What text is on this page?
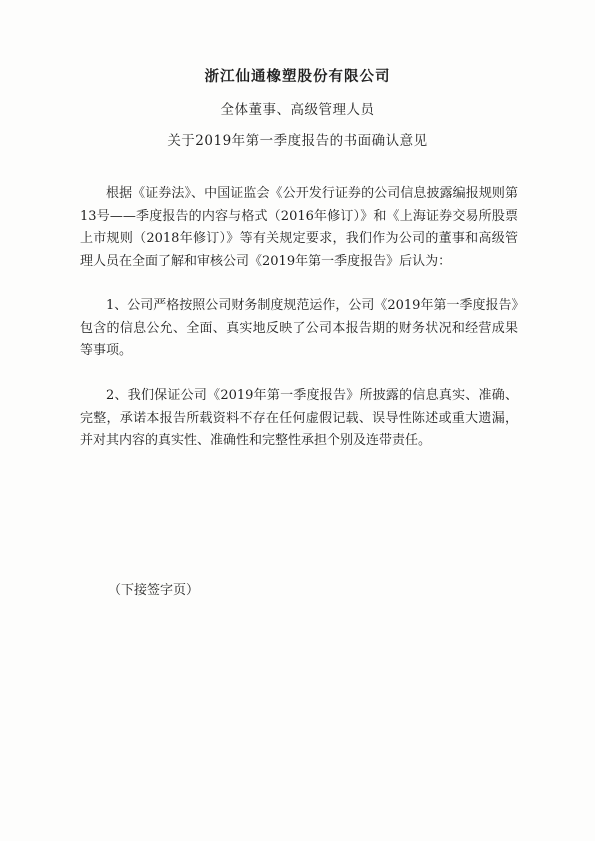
浙江仙通橡塑股份有限公司
全体董事、高级管理人员
关于2019年第一季度报告的书面确认意见
根据《证券法》、中国证监会《公开发行证券的公司信息披露编报规则第13号——季度报告的内容与格式（2016年修订）》和《上海证券交易所股票上市规则（2018年修订）》等有关规定要求，我们作为公司的董事和高级管理人员在全面了解和审核公司《2019年第一季度报告》后认为：
1、公司严格按照公司财务制度规范运作，公司《2019年第一季度报告》包含的信息公允、全面、真实地反映了公司本报告期的财务状况和经营成果等事项。
2、我们保证公司《2019年第一季度报告》所披露的信息真实、准确、完整，承诺本报告所载资料不存在任何虚假记载、误导性陈述或重大遗漏，并对其内容的真实性、准确性和完整性承担个别及连带责任。
（下接签字页）
